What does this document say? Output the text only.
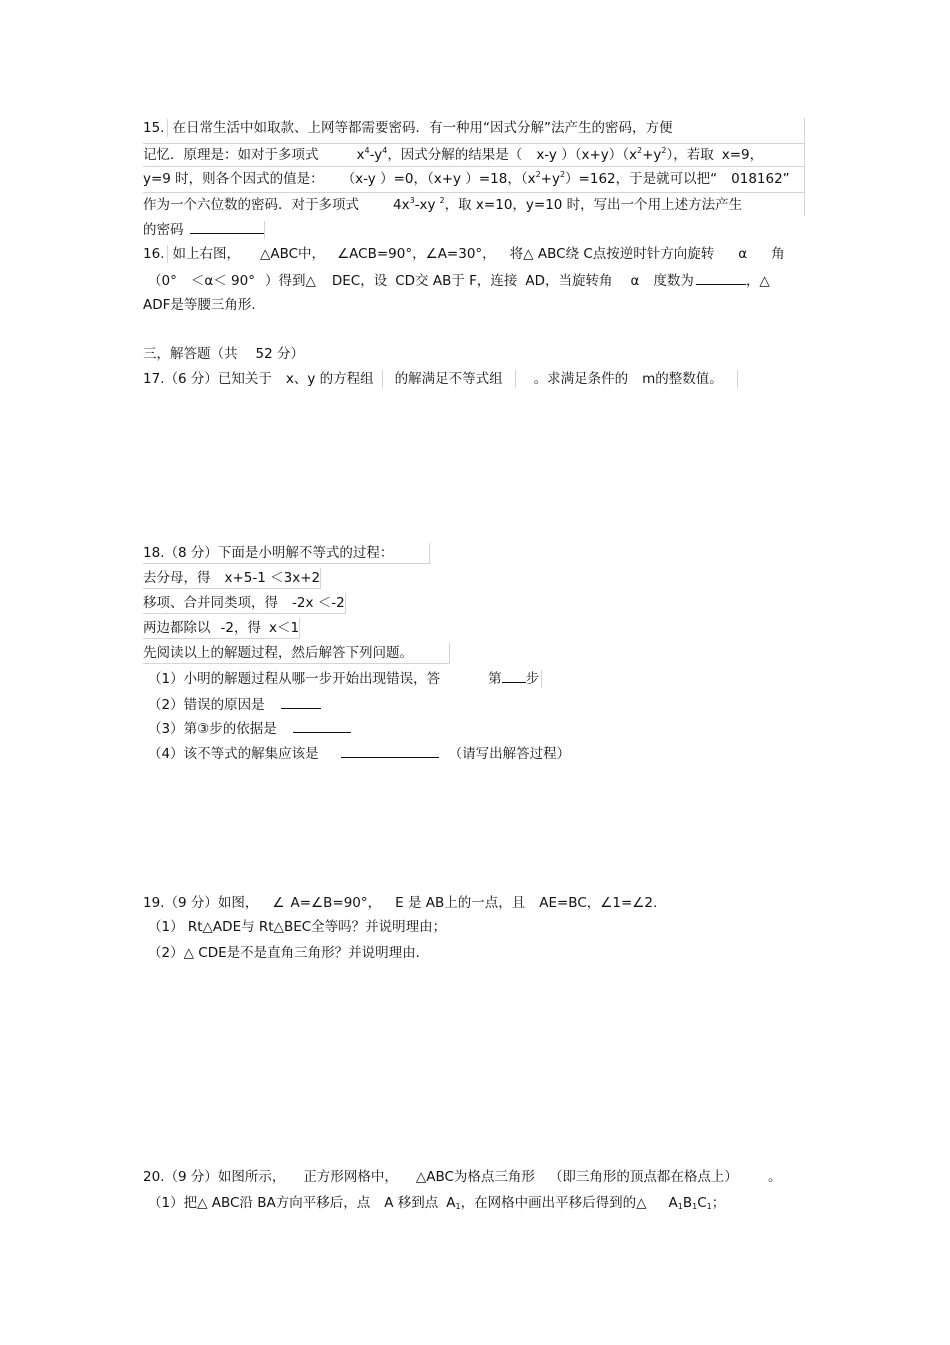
15. 在日常生活中如取款、上网等都需要密码．有一种用“因式分解”法产生的密码，方便
记忆．原理是：如对于多项式	$x^4-y^4$，因式分解的结果是（ x-y ）$(x+y)(x^2+y^2)$，若取 x=9，
y=9 时，则各个因式的值是： （x-y ）=0，（x+y ）=18，$(x^2+y^2)=162$，于是就可以把“ 018162”
作为一个六位数的密码．对于多项式	$4x^3-xy$ $^2$，取 x=10，y=10 时，写出一个用上述方法产生
的密码
16. 如上右图， △ABC中， ∠ACB=90°，∠A=30°， 将△ ABC绕 C点按逆时针方向旋转 α 角
（0° ＜α＜ 90° ）得到△ DEC，设 CD交 AB于 F，连接 AD，当旋转角 α 度数为	，△
ADF是等腰三角形.
三，解答题（共 52 分）
17.（6 分）已知关于 x、y 的方程组 的解满足不等式组 。求满足条件的 m的整数值。
18.（8 分）下面是小明解不等式的过程：
去分母，得 x+5-1 ＜3x+2
移项、合并同类项，得 -2x ＜-2
两边都除以 -2，得 x＜1
先阅读以上的解题过程，然后解答下列问题。
（1）小明的解题过程从哪一步开始出现错误，答	第 步
（2）错误的原因是
（3）第③步的依据是
（4）该不等式的解集应该是	（请写出解答过程）
19.（9 分）如图， ∠ A=∠B=90°， E 是 AB上的一点，且 AE=BC，∠1=∠2.
（1） Rt△ADE与 Rt△BEC全等吗？并说明理由；
（2）△ CDE是不是直角三角形？并说明理由.
20.（9 分）如图所示， 正方形网格中， △ABC为格点三角形 （即三角形的顶点都在格点上） 。
（1）把△ ABC沿 BA方向平移后，点 A 移到点 $A_1$，在网格中画出平移后得到的△ $A_1B_1C_1$；
